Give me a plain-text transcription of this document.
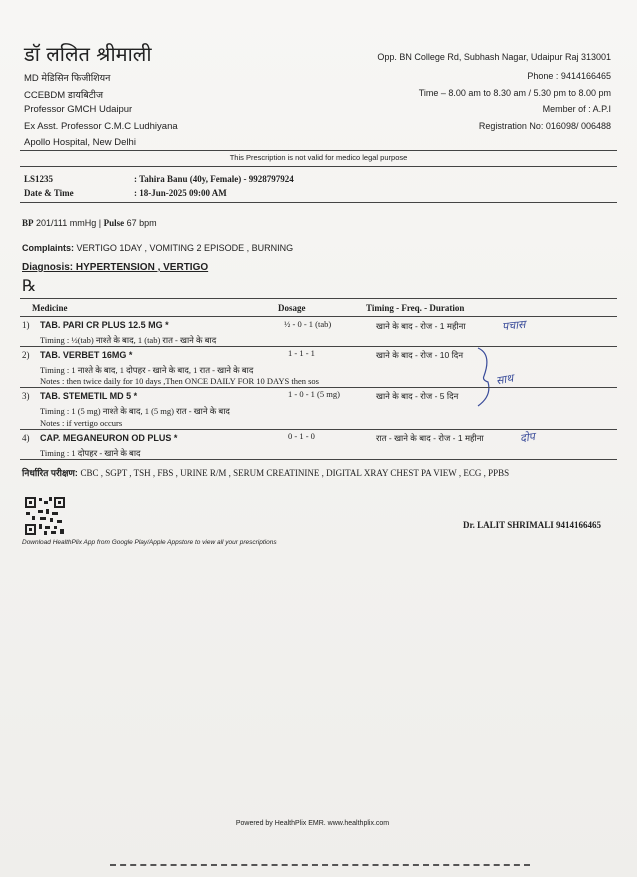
डॉ ललित श्रीमाली
MD मेडिसिन फिजीशियन
CCEBDM डायबिटीज
Professor GMCH Udaipur
Ex Asst. Professor C.M.C Ludhiyana
Apollo Hospital, New Delhi
Opp. BN College Rd, Subhash Nagar, Udaipur Raj 313001
Phone : 9414166465
Time – 8.00 am to 8.30 am / 5.30 pm to 8.00 pm
Member of : A.P.I
Registration No: 016098/ 006488
This Prescription is not valid for medico legal purpose
LS1235	: Tahira Banu (40y, Female) - 9928797924
Date & Time	: 18-Jun-2025 09:00 AM
BP 201/111 mmHg | Pulse 67 bpm
Complaints: VERTIGO 1DAY , VOMITING 2 EPISODE , BURNING
Diagnosis: HYPERTENSION , VERTIGO
℞
Medicine	Dosage	Timing - Freq. - Duration
1) TAB. PARI CR PLUS 12.5 MG *	½ - 0 - 1 (tab)	खाने के बाद - रोज - 1 महीना
Timing : ½(tab) नाश्ते के बाद, 1 (tab) रात - खाने के बाद
पचास
2) TAB. VERBET 16MG *	1 - 1 - 1	खाने के बाद - रोज - 10 दिन
Timing : 1 नाश्ते के बाद, 1 दोपहर - खाने के बाद, 1 रात - खाने के बाद
Notes : then twice daily for 10 days ,Then ONCE DAILY FOR 10 DAYS then sos	साथ
3) TAB. STEMETIL MD 5 *	1 - 0 - 1 (5 mg)	खाने के बाद - रोज - 5 दिन
Timing : 1 (5 mg) नाश्ते के बाद, 1 (5 mg) रात - खाने के बाद
Notes : if vertigo occurs
4) CAP. MEGANEURON OD PLUS *	0 - 1 - 0	रात - खाने के बाद - रोज - 1 महीना
Timing : 1 दोपहर - खाने के बाद
दोप
निर्धारित परीक्षण: CBC , SGPT , TSH , FBS , URINE R/M , SERUM CREATININE , DIGITAL XRAY CHEST PA VIEW , ECG , PPBS
Download HealthPlix App from Google Play/Apple Appstore to view all your prescriptions
Dr. LALIT SHRIMALI 9414166465
Powered by HealthPlix EMR. www.healthplix.com
